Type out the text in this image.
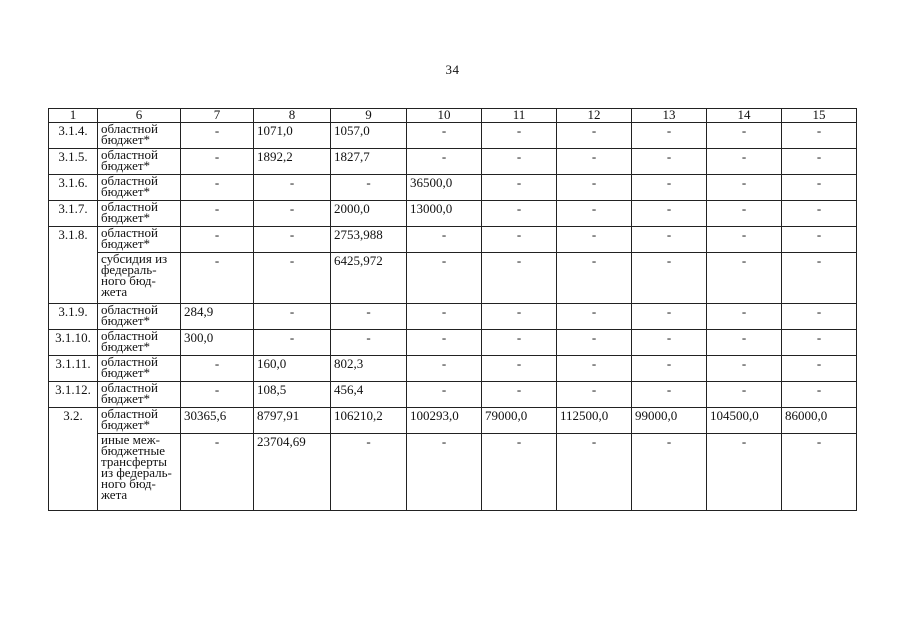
34
1	6	7	8	9	10	11	12	13	14	15
3.1.4.	областной бюджет*	-	1071,0	1057,0	-	-	-	-	-	-
3.1.5.	областной бюджет*	-	1892,2	1827,7	-	-	-	-	-	-
3.1.6.	областной бюджет*	-	-	-	36500,0	-	-	-	-	-
3.1.7.	областной бюджет*	-	-	2000,0	13000,0	-	-	-	-	-
3.1.8.	областной бюджет*	-	-	2753,988	-	-	-	-	-	-
	субсидия из федераль-ного бюд-жета	-	-	6425,972	-	-	-	-	-	-
3.1.9.	областной бюджет*	284,9	-	-	-	-	-	-	-	-
3.1.10.	областной бюджет*	300,0	-	-	-	-	-	-	-	-
3.1.11.	областной бюджет*	-	160,0	802,3	-	-	-	-	-	-
3.1.12.	областной бюджет*	-	108,5	456,4	-	-	-	-	-	-
3.2.	областной бюджет*	30365,6	8797,91	106210,2	100293,0	79000,0	112500,0	99000,0	104500,0	86000,0
	иные меж-бюджетные трансферты из федераль-ного бюд-жета	-	23704,69	-	-	-	-	-	-	-
